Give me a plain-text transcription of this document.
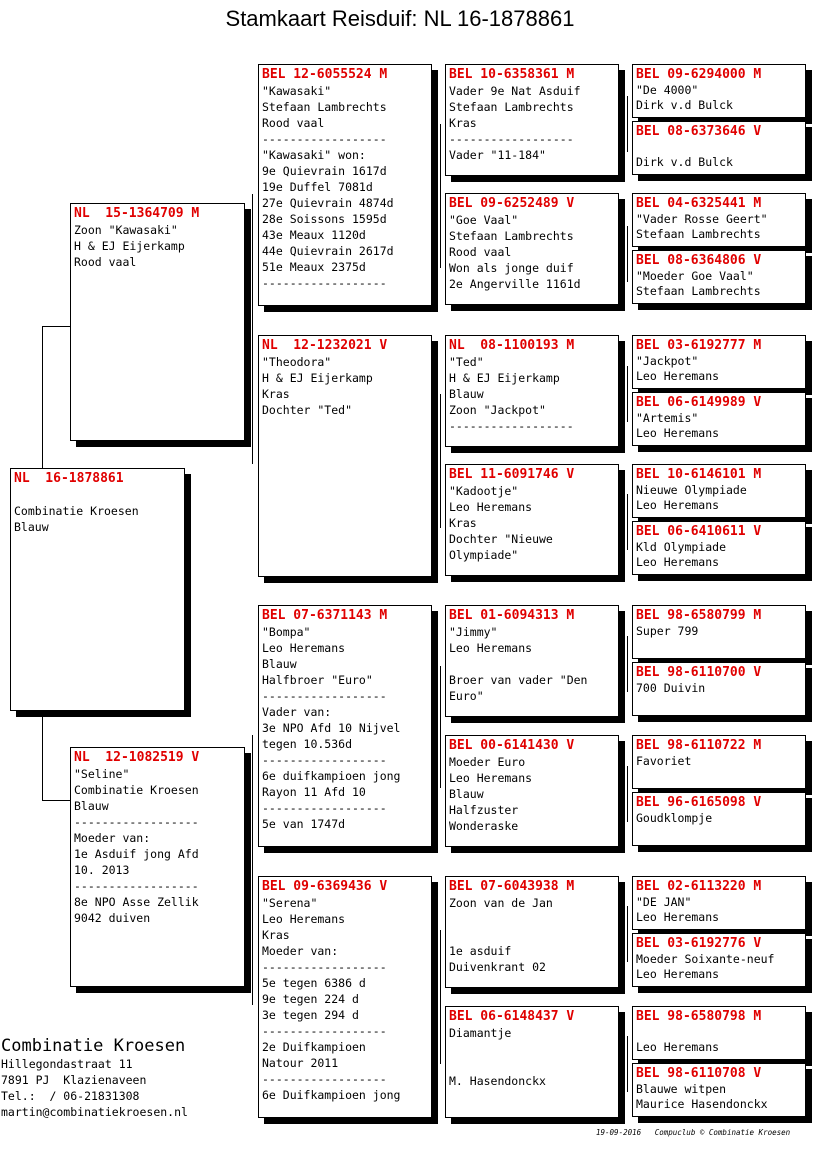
Stamkaart Reisduif: NL 16-1878861
NL  16-1878861

Combinatie Kroesen
Blauw
NL  15-1364709 M
Zoon "Kawasaki"
H & EJ Eijerkamp
Rood vaal
NL  12-1082519 V
"Seline"
Combinatie Kroesen
Blauw
------------------
Moeder van:
1e Asduif jong Afd
10. 2013
------------------
8e NPO Asse Zellik
9042 duiven
BEL 12-6055524 M
"Kawasaki"
Stefaan Lambrechts
Rood vaal
------------------
"Kawasaki" won:
9e Quievrain 1617d
19e Duffel 7081d
27e Quievrain 4874d
28e Soissons 1595d
43e Meaux 1120d
44e Quievrain 2617d
51e Meaux 2375d
------------------
NL  12-1232021 V
"Theodora"
H & EJ Eijerkamp
Kras
Dochter "Ted"
BEL 07-6371143 M
"Bompa"
Leo Heremans
Blauw
Halfbroer "Euro"
------------------
Vader van:
3e NPO Afd 10 Nijvel
tegen 10.536d
------------------
6e duifkampioen jong
Rayon 11 Afd 10
------------------
5e van 1747d
BEL 09-6369436 V
"Serena"
Leo Heremans
Kras
Moeder van:
------------------
5e tegen 6386 d
9e tegen 224 d
3e tegen 294 d
------------------
2e Duifkampioen
Natour 2011
------------------
6e Duifkampioen jong
BEL 10-6358361 M
Vader 9e Nat Asduif
Stefaan Lambrechts
Kras
------------------
Vader "11-184"
BEL 09-6252489 V
"Goe Vaal"
Stefaan Lambrechts
Rood vaal
Won als jonge duif
2e Angerville 1161d
NL  08-1100193 M
"Ted"
H & EJ Eijerkamp
Blauw
Zoon "Jackpot"
------------------
BEL 11-6091746 V
"Kadootje"
Leo Heremans
Kras
Dochter "Nieuwe
Olympiade"
BEL 01-6094313 M
"Jimmy"
Leo Heremans

Broer van vader "Den
Euro"
BEL 00-6141430 V
Moeder Euro
Leo Heremans
Blauw
Halfzuster
Wonderaske
BEL 07-6043938 M
Zoon van de Jan

1e asduif
Duivenkrant 02
BEL 06-6148437 V
Diamantje

M. Hasendonckx
BEL 09-6294000 M
"De 4000"
Dirk v.d Bulck
BEL 08-6373646 V

Dirk v.d Bulck
BEL 04-6325441 M
"Vader Rosse Geert"
Stefaan Lambrechts
BEL 08-6364806 V
"Moeder Goe Vaal"
Stefaan Lambrechts
BEL 03-6192777 M
"Jackpot"
Leo Heremans
BEL 06-6149989 V
"Artemis"
Leo Heremans
BEL 10-6146101 M
Nieuwe Olympiade
Leo Heremans
BEL 06-6410611 V
Kld Olympiade
Leo Heremans
BEL 98-6580799 M
Super 799
BEL 98-6110700 V
700 Duivin
BEL 98-6110722 M
Favoriet
BEL 96-6165098 V
Goudklompje
BEL 02-6113220 M
"DE JAN"
Leo Heremans
BEL 03-6192776 V
Moeder Soixante-neuf
Leo Heremans
BEL 98-6580798 M

Leo Heremans
BEL 98-6110708 V
Blauwe witpen
Maurice Hasendonckx
Combinatie Kroesen
Hillegondastraat 11
7891 PJ  Klazienaveen
Tel.:  / 06-21831308
martin@combinatiekroesen.nl
19-09-2016   Compuclub © Combinatie Kroesen
